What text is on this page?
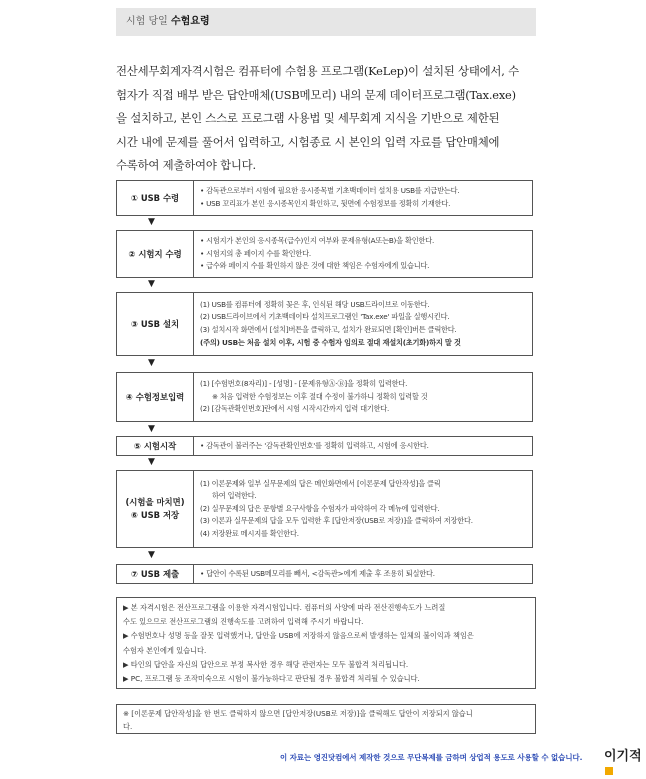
시험 당일 수험요령
전산세무회계자격시험은 컴퓨터에 수험용 프로그램(KeLep)이 설치된 상태에서, 수
험자가 직접 배부 받은 답안매체(USB메모리) 내의 문제 데이터프로그램(Tax.exe)
을 설치하고, 본인 스스로 프로그램 사용법 및 세무회계 지식을 기반으로 제한된
시간 내에 문제를 풀어서 입력하고, 시험종료 시 본인의 입력 자료를 답안매체에
수록하여 제출하여야 합니다.
① USB 수령
• 감독관으로부터 시험에 필요한 응시종목별 기초백데이터 설치용 USB를 지급받는다.
• USB 꼬리표가 본인 응시종목인지 확인하고, 뒷면에 수험정보를 정확히 기재한다.
▼
② 시험지 수령
• 시험지가 본인의 응시종목(급수)인지 여부와 문제유형(A또는B)을 확인한다.
• 시험지의 총 페이지 수를 확인한다.
• 급수와 페이지 수를 확인하지 않은 것에 대한 책임은 수험자에게 있습니다.
▼
③ USB 설치
(1) USB를 컴퓨터에 정확히 꽂은 후, 인식된 해당 USB드라이브로 이동한다.
(2) USB드라이브에서 기초백데이타 설치프로그램인 'Tax.exe' 파일을 실행시킨다.
(3) 설치시작 화면에서 [설치]버튼을 클릭하고, 설치가 완료되면 [확인]버튼 클릭한다.
(주의) USB는 처음 설치 이후, 시험 중 수험자 임의로 절대 재설치(초기화)하지 말 것
▼
④ 수험정보입력
(1) [수험번호(8자리)] - [성명] - [문제유형Ⓐ·Ⓑ]을 정확히 입력한다.
※ 처음 입력한 수험정보는 이후 절대 수정이 불가하니 정확히 입력할 것
(2) [감독관확인번호]란에서 시험 시작시간까지 입력 대기한다.
▼
⑤ 시험시작	• 감독관이 불러주는 '감독관확인번호'를 정확히 입력하고, 시험에 응시한다.
▼
(시험을 마치면)
⑥ USB 저장
(1) 이론문제와 일부 실무문제의 답은 메인화면에서 [이론문제 답안작성]을 클릭
하여 입력한다.
(2) 실무문제의 답은 문항별 요구사항을 수험자가 파악하여 각 메뉴에 입력한다.
(3) 이론과 실무문제의 답을 모두 입력한 후 [답안저장(USB로 저장)]을 클릭하여 저장한다.
(4) 저장완료 메시지를 확인한다.
▼
⑦ USB 제출	• 답안이 수록된 USB메모리를 빼서, <감독관>에게 제출 후 조용히 퇴실한다.
▶ 본 자격시험은 전산프로그램을 이용한 자격시험입니다. 컴퓨터의 사양에 따라 전산진행속도가 느려질
수도 있으므로 전산프로그램의 진행속도를 고려하여 입력해 주시기 바랍니다.
▶ 수험번호나 성명 등을 잘못 입력했거나, 답안을 USB에 저장하지 않음으로써 발생하는 일체의 불이익과 책임은
수험자 본인에게 있습니다.
▶ 타인의 답안을 자신의 답안으로 부정 복사한 경우 해당 관련자는 모두 불합격 처리됩니다.
▶ PC, 프로그램 등 조작미숙으로 시험이 불가능하다고 판단될 경우 불합격 처리될 수 있습니다.
※ [이론문제 답안작성]을 한 번도 클릭하지 않으면 [답안저장(USB로 저장)]을 클릭해도 답안이 저장되지 않습니
다.
이 자료는 영진닷컴에서 제작한 것으로 무단복제를 금하며 상업적 용도로 사용할 수 없습니다. 이기적
